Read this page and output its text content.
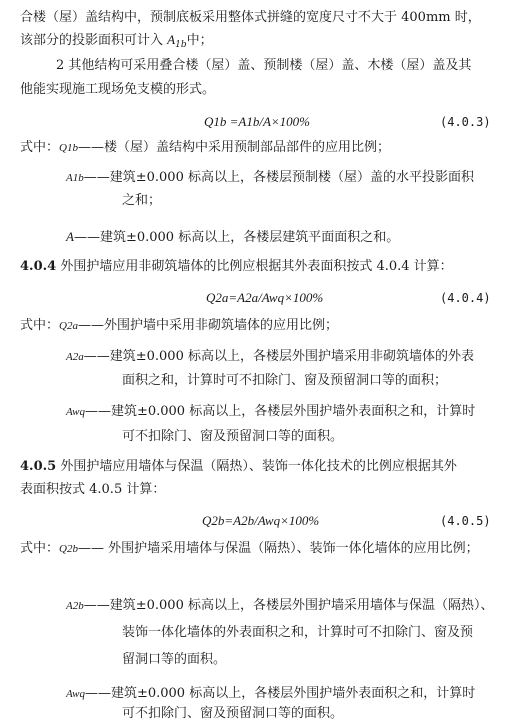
合楼（屋）盖结构中，预制底板采用整体式拼缝的宽度尺寸不大于 400mm 时，
该部分的投影面积可计入 $A_{1b}$中；
2 其他结构可采用叠合楼（屋）盖、预制楼（屋）盖、木楼（屋）盖及其
他能实现施工现场免支模的形式。
Q1b =A1b/A×100%	(4.0.3)
式中：Q1b——楼（屋）盖结构中采用预制部品部件的应用比例；
A1b——建筑±0.000 标高以上，各楼层预制楼（屋）盖的水平投影面积
之和；
A——建筑±0.000 标高以上，各楼层建筑平面面积之和。
4.0.4 外围护墙应用非砌筑墙体的比例应根据其外表面积按式 4.0.4 计算：
Q2a=A2a/Awq×100%	(4.0.4)
式中：Q2a——外围护墙中采用非砌筑墙体的应用比例；
A2a——建筑±0.000 标高以上，各楼层外围护墙采用非砌筑墙体的外表
面积之和，计算时可不扣除门、窗及预留洞口等的面积；
Awq——建筑±0.000 标高以上，各楼层外围护墙外表面积之和，计算时
可不扣除门、窗及预留洞口等的面积。
4.0.5 外围护墙应用墙体与保温（隔热）、装饰一体化技术的比例应根据其外
表面积按式 4.0.5 计算：
Q2b=A2b/Awq×100%	(4.0.5)
式中：Q2b—— 外围护墙采用墙体与保温（隔热）、装饰一体化墙体的应用比例；
A2b——建筑±0.000 标高以上，各楼层外围护墙采用墙体与保温（隔热）、
装饰一体化墙体的外表面积之和，计算时可不扣除门、窗及预
留洞口等的面积。
Awq——建筑±0.000 标高以上，各楼层外围护墙外表面积之和，计算时
可不扣除门、窗及预留洞口等的面积。
